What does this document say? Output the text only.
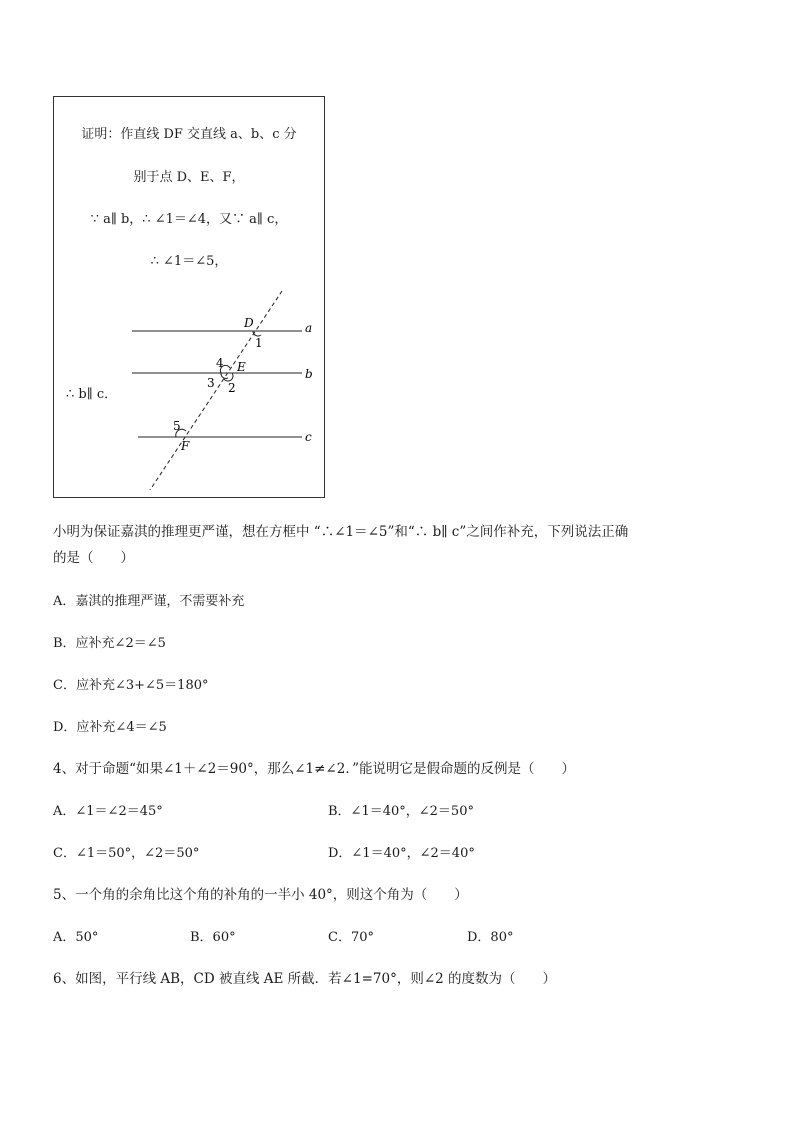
证明：作直线 DF 交直线 a、b、c 分
别于点 D、E、F，
∵ a∥ b，∴ ∠1＝∠4，又∵ a∥ c，
∴ ∠1＝∠5，
∴ b∥ c．
D	a
1
4 E	b
3 2
5
F
c
小明为保证嘉淇的推理更严谨，想在方框中 “∴∠1＝∠5”和“∴ b∥ c”之间作补充，下列说法正确
的是（　　）
A．嘉淇的推理严谨，不需要补充
B．应补充∠2＝∠5
C．应补充∠3+∠5＝180°
D．应补充∠4＝∠5
4、对于命题“如果∠1＋∠2＝90°，那么∠1≠∠2．”能说明它是假命题的反例是（　　）
A．∠1＝∠2＝45°	B．∠1＝40°，∠2＝50°
C．∠1＝50°，∠2＝50°	D．∠1＝40°，∠2＝40°
5、一个角的余角比这个角的补角的一半小 40°，则这个角为（　　）
A．50°	B．60°	C．70°	D．80°
6、如图，平行线 AB，CD 被直线 AE 所截．若∠1=70°，则∠2 的度数为（　　）
